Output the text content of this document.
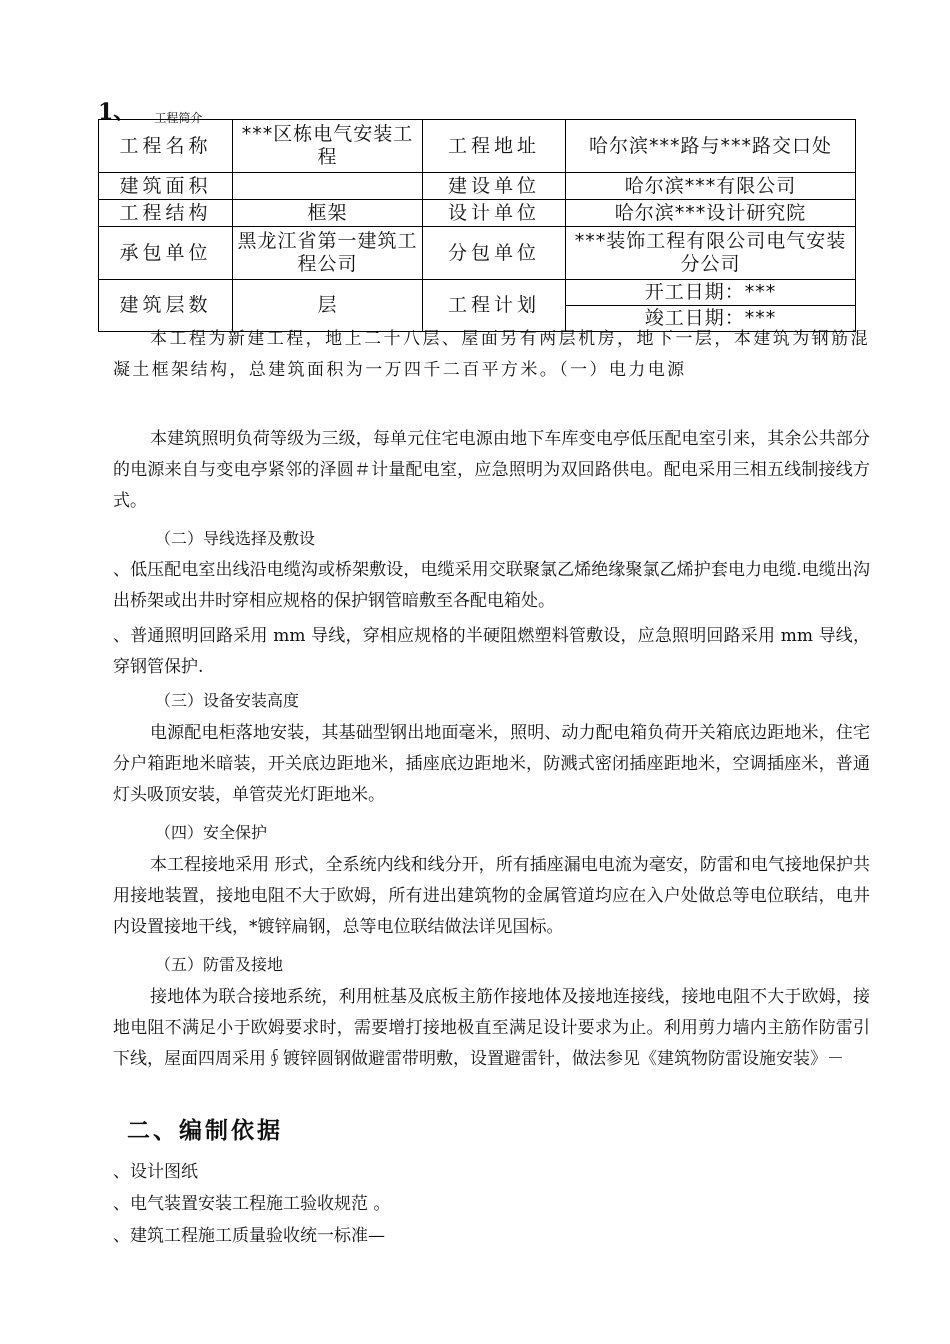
1、 工程简介
工程名称	***区栋电气安装工程	工程地址	哈尔滨***路与***路交口处
建筑面积		建设单位	哈尔滨***有限公司
工程结构	框架	设计单位	哈尔滨***设计研究院
承包单位	黑龙江省第一建筑工程公司	分包单位	***装饰工程有限公司电气安装分公司
建筑层数	层	工程计划	开工日期：***
			竣工日期：***

本工程为新建工程，地上二十八层、屋面另有两层机房，地下一层，本建筑为钢筋混凝土框架结构，总建筑面积为一万四千二百平方米。（一）电力电源

本建筑照明负荷等级为三级，每单元住宅电源由地下车库变电亭低压配电室引来，其余公共部分的电源来自与变电亭紧邻的泽圆＃计量配电室，应急照明为双回路供电。配电采用三相五线制接线方式。

（二）导线选择及敷设

、低压配电室出线沿电缆沟或桥架敷设，电缆采用交联聚氯乙烯绝缘聚氯乙烯护套电力电缆.电缆出沟出桥架或出井时穿相应规格的保护钢管暗敷至各配电箱处。

、普通照明回路采用 mm 导线，穿相应规格的半硬阻燃塑料管敷设，应急照明回路采用 mm 导线，穿钢管保护.

（三）设备安装高度

电源配电柜落地安装，其基础型钢出地面毫米，照明、动力配电箱负荷开关箱底边距地米，住宅分户箱距地米暗装，开关底边距地米，插座底边距地米，防溅式密闭插座距地米，空调插座米，普通灯头吸顶安装，单管荧光灯距地米。

（四）安全保护

本工程接地采用 形式，全系统内线和线分开，所有插座漏电电流为毫安，防雷和电气接地保护共用接地装置，接地电阻不大于欧姆，所有进出建筑物的金属管道均应在入户处做总等电位联结，电井内设置接地干线，*镀锌扁钢，总等电位联结做法详见国标。

（五）防雷及接地

接地体为联合接地系统，利用桩基及底板主筋作接地体及接地连接线，接地电阻不大于欧姆，接地电阻不满足小于欧姆要求时，需要增打接地极直至满足设计要求为止。利用剪力墙内主筋作防雷引下线，屋面四周采用∮镀锌圆钢做避雷带明敷，设置避雷针，做法参见《建筑物防雷设施安装》－

二、编制依据

、设计图纸

、电气装置安装工程施工验收规范 。

、建筑工程施工质量验收统一标准—
